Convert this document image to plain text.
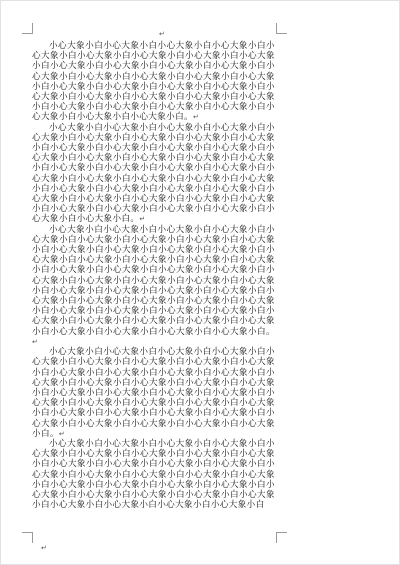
↵

小心大象小白小心大象小白小心大象小白小心大象小白小心大象小白小心大象小白小心大象小白小心大象小白小心大象小白小心大象小白小心大象小白小心大象小白小心大象小白小心大象小白小心大象小白小心大象小白小心大象小白小心大象小白小心大象小白小心大象小白小心大象小白小心大象小白小心大象小白小心大象小白小心大象小白小心大象小白小心大象小白小心大象小白小心大象小白小心大象小白小心大象小白小心大象小白小心大象小白小心大象小白。↵

小心大象小白小心大象小白小心大象小白小心大象小白小心大象小白小心大象小白小心大象小白小心大象小白小心大象小白小心大象小白小心大象小白小心大象小白小心大象小白小心大象小白小心大象小白小心大象小白小心大象小白小心大象小白小心大象小白小心大象小白小心大象小白小心大象小白小心大象小白小心大象小白小心大象小白小心大象小白小心大象小白小心大象小白小心大象小白小心大象小白小心大象小白小心大象小白小心大象小白小心大象小白小心大象小白小心大象小白小心大象小白小心大象小白小心大象小白小心大象小白小心大象小白小心大象小白。↵

小心大象小白小心大象小白小心大象小白小心大象小白小心大象小白小心大象小白小心大象小白小心大象小白小心大象小白小心大象小白小心大象小白小心大象小白小心大象小白小心大象小白小心大象小白小心大象小白小心大象小白小心大象小白小心大象小白小心大象小白小心大象小白小心大象小白小心大象小白小心大象小白小心大象小白小心大象小白小心大象小白小心大象小白小心大象小白小心大象小白小心大象小白小心大象小白小心大象小白小心大象小白小心大象小白小心大象小白小心大象小白小心大象小白小心大象小白小心大象小白小心大象小白小心大象小白小心大象小白小心大象小白小心大象小白小心大象小白小心大象小白小心大象小白小心大象小白。↵

小心大象小白小心大象小白小心大象小白小心大象小白小心大象小白小心大象小白小心大象小白小心大象小白小心大象小白小心大象小白小心大象小白小心大象小白小心大象小白小心大象小白小心大象小白小心大象小白小心大象小白小心大象小白小心大象小白小心大象小白小心大象小白小心大象小白小心大象小白小心大象小白小心大象小白小心大象小白小心大象小白小心大象小白小心大象小白小心大象小白小心大象小白小心大象小白小心大象小白小心大象小白小心大象小白小心大象小白。↵

小心大象小白小心大象小白小心大象小白小心大象小白小心大象小白小心大象小白小心大象小白小心大象小白小心大象小白小心大象小白小心大象小白小心大象小白小心大象小白小心大象小白小心大象小白小心大象小白小心大象小白小心大象小白小心大象小白小心大象小白小心大象小白小心大象小白小心大象小白小心大象小白小心大象小白小心大象小白小心大象小白小心大象小白小心大象小白小心大象小白小心大象小白

↵
